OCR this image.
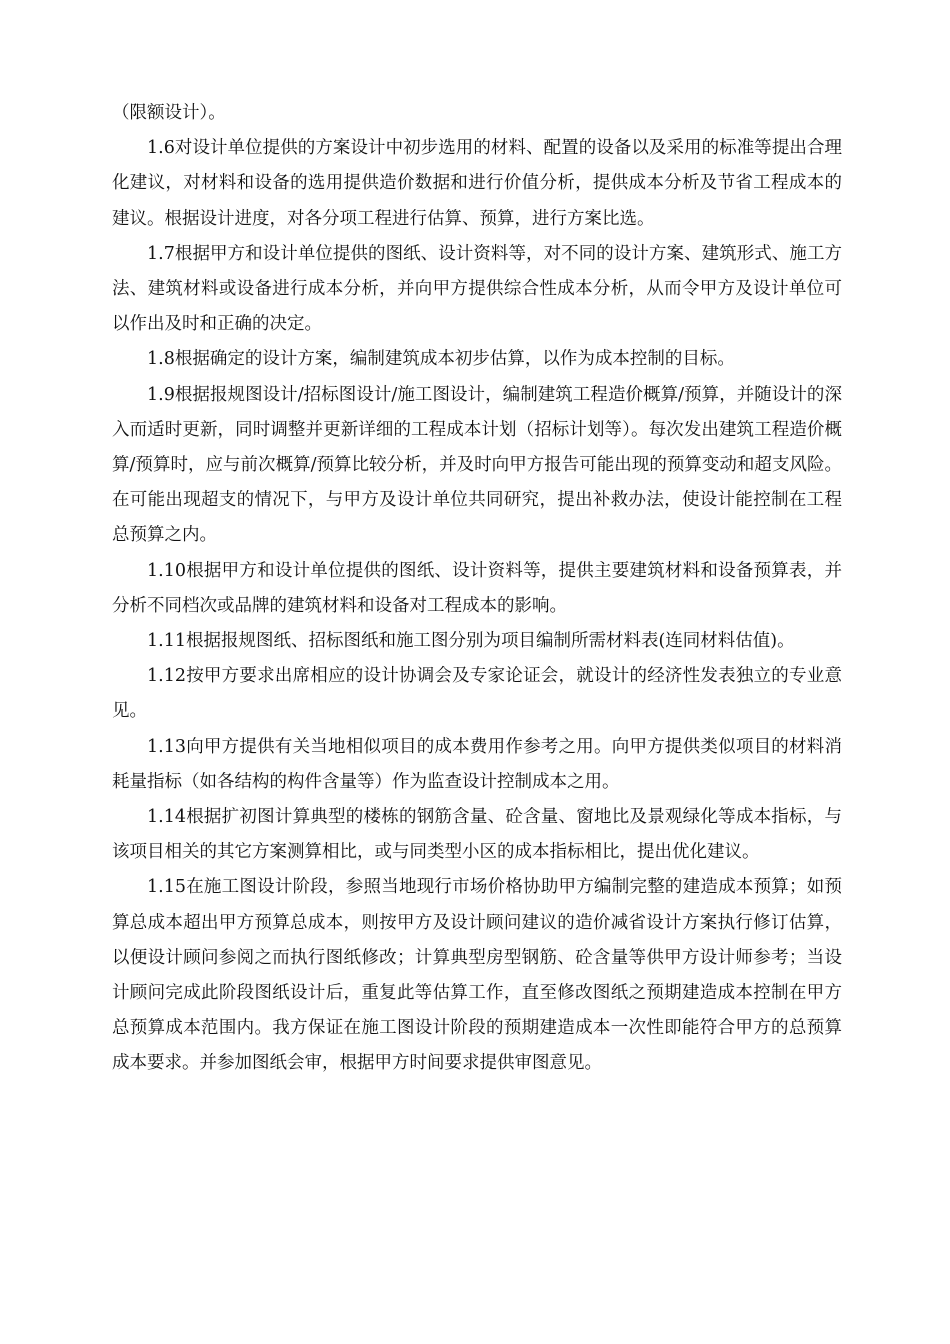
（限额设计）。

1.6对设计单位提供的方案设计中初步选用的材料、配置的设备以及采用的标准等提出合理化建议，对材料和设备的选用提供造价数据和进行价值分析，提供成本分析及节省工程成本的建议。根据设计进度，对各分项工程进行估算、预算，进行方案比选。

1.7根据甲方和设计单位提供的图纸、设计资料等，对不同的设计方案、建筑形式、施工方法、建筑材料或设备进行成本分析，并向甲方提供综合性成本分析，从而令甲方及设计单位可以作出及时和正确的决定。

1.8根据确定的设计方案，编制建筑成本初步估算，以作为成本控制的目标。

1.9根据报规图设计/招标图设计/施工图设计，编制建筑工程造价概算/预算，并随设计的深入而适时更新，同时调整并更新详细的工程成本计划（招标计划等）。每次发出建筑工程造价概算/预算时，应与前次概算/预算比较分析，并及时向甲方报告可能出现的预算变动和超支风险。在可能出现超支的情况下，与甲方及设计单位共同研究，提出补救办法，使设计能控制在工程总预算之内。

1.10根据甲方和设计单位提供的图纸、设计资料等，提供主要建筑材料和设备预算表，并分析不同档次或品牌的建筑材料和设备对工程成本的影响。

1.11根据报规图纸、招标图纸和施工图分别为项目编制所需材料表(连同材料估值)。

1.12按甲方要求出席相应的设计协调会及专家论证会，就设计的经济性发表独立的专业意见。

1.13向甲方提供有关当地相似项目的成本费用作参考之用。向甲方提供类似项目的材料消耗量指标（如各结构的构件含量等）作为监查设计控制成本之用。

1.14根据扩初图计算典型的楼栋的钢筋含量、砼含量、窗地比及景观绿化等成本指标，与该项目相关的其它方案测算相比，或与同类型小区的成本指标相比，提出优化建议。

1.15在施工图设计阶段，参照当地现行市场价格协助甲方编制完整的建造成本预算；如预算总成本超出甲方预算总成本，则按甲方及设计顾问建议的造价减省设计方案执行修订估算，以便设计顾问参阅之而执行图纸修改；计算典型房型钢筋、砼含量等供甲方设计师参考；当设计顾问完成此阶段图纸设计后，重复此等估算工作，直至修改图纸之预期建造成本控制在甲方总预算成本范围内。我方保证在施工图设计阶段的预期建造成本一次性即能符合甲方的总预算成本要求。并参加图纸会审，根据甲方时间要求提供审图意见。
